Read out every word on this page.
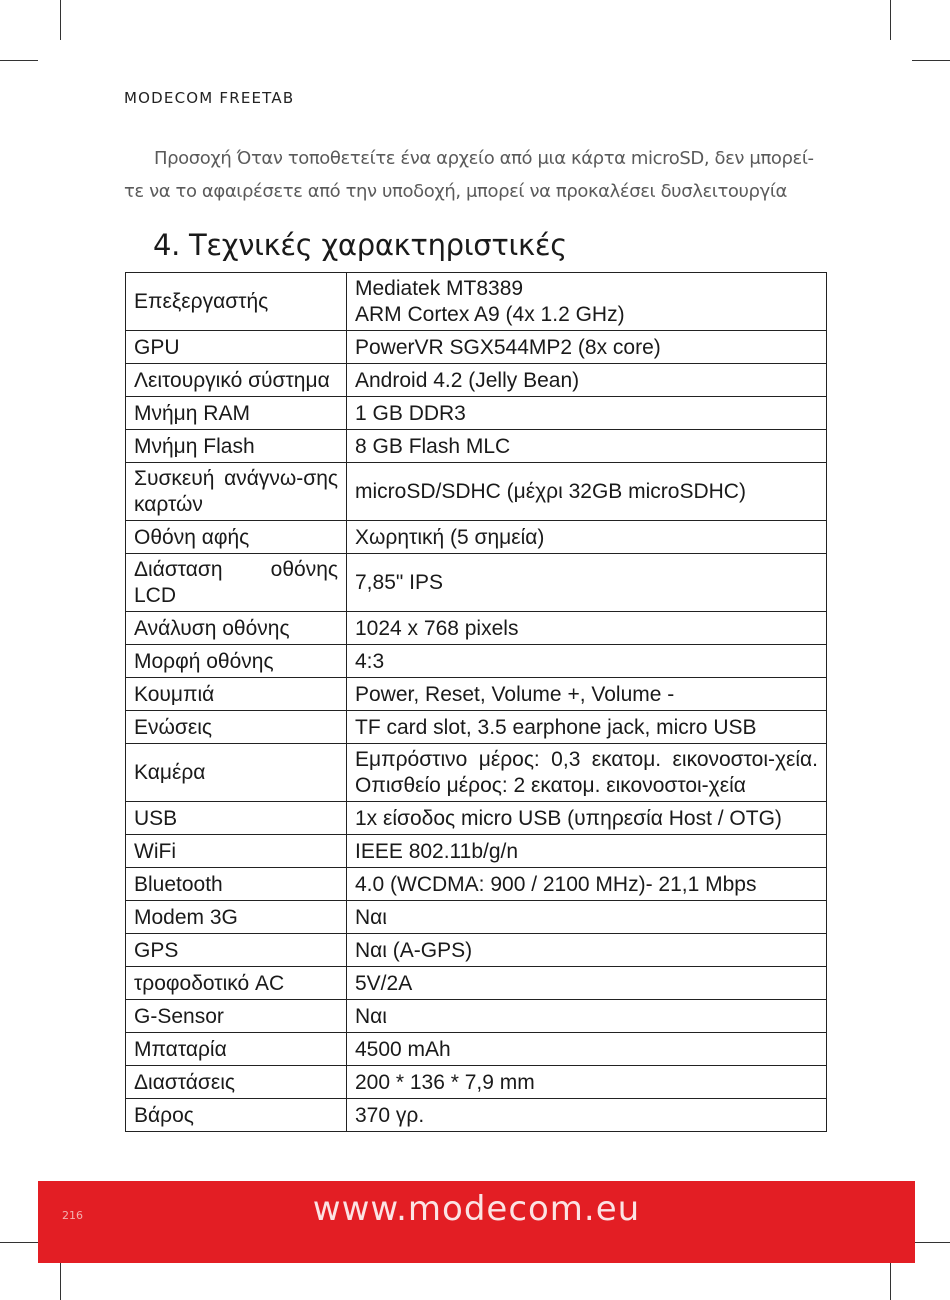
MODECOM FREETAB

Προσοχή Όταν τοποθετείτε ένα αρχείο από μια κάρτα microSD, δεν μπορεί-τε να το αφαιρέσετε από την υποδοχή, μπορεί να προκαλέσει δυσλειτουργία

4. Τεχνικές χαρακτηριστικές
Επεξεργαστής	Mediatek MT8389
ARM Cortex A9 (4x 1.2 GHz)
GPU	PowerVR SGX544MP2 (8x core)
Λειτουργικό σύστημα	Android 4.2 (Jelly Bean)
Μνήμη RAM	1 GB DDR3
Μνήμη Flash	8 GB Flash MLC
Συσκευή ανάγνω-σης καρτών	microSD/SDHC (μέχρι 32GB microSDHC)
Οθόνη αφής	Χωρητική (5 σημεία)
Διάσταση οθόνης LCD	7,85" IPS
Ανάλυση οθόνης	1024 x 768 pixels
Μορφή οθόνης	4:3
Κουμπιά	Power, Reset, Volume +, Volume -
Ενώσεις	TF card slot, 3.5 earphone jack, micro USB
Καμέρα	Εμπρόστινο μέρος: 0,3 εκατομ. εικονοστοι-χεία. Οπισθείο μέρος: 2 εκατομ. εικονοστοι-χεία
USB	1x είσοδος micro USB (υπηρεσία Host / OTG)
WiFi	IEEE 802.11b/g/n
Bluetooth	4.0 (WCDMA: 900 / 2100 MHz)- 21,1 Mbps
Modem 3G	Ναι
GPS	Ναι (A-GPS)
τροφοδοτικό AC	5V/2A
G-Sensor	Ναι
Μπαταρία	4500 mAh
Διαστάσεις	200 * 136 * 7,9 mm
Βάρος	370 γρ.
216	www.modecom.eu
